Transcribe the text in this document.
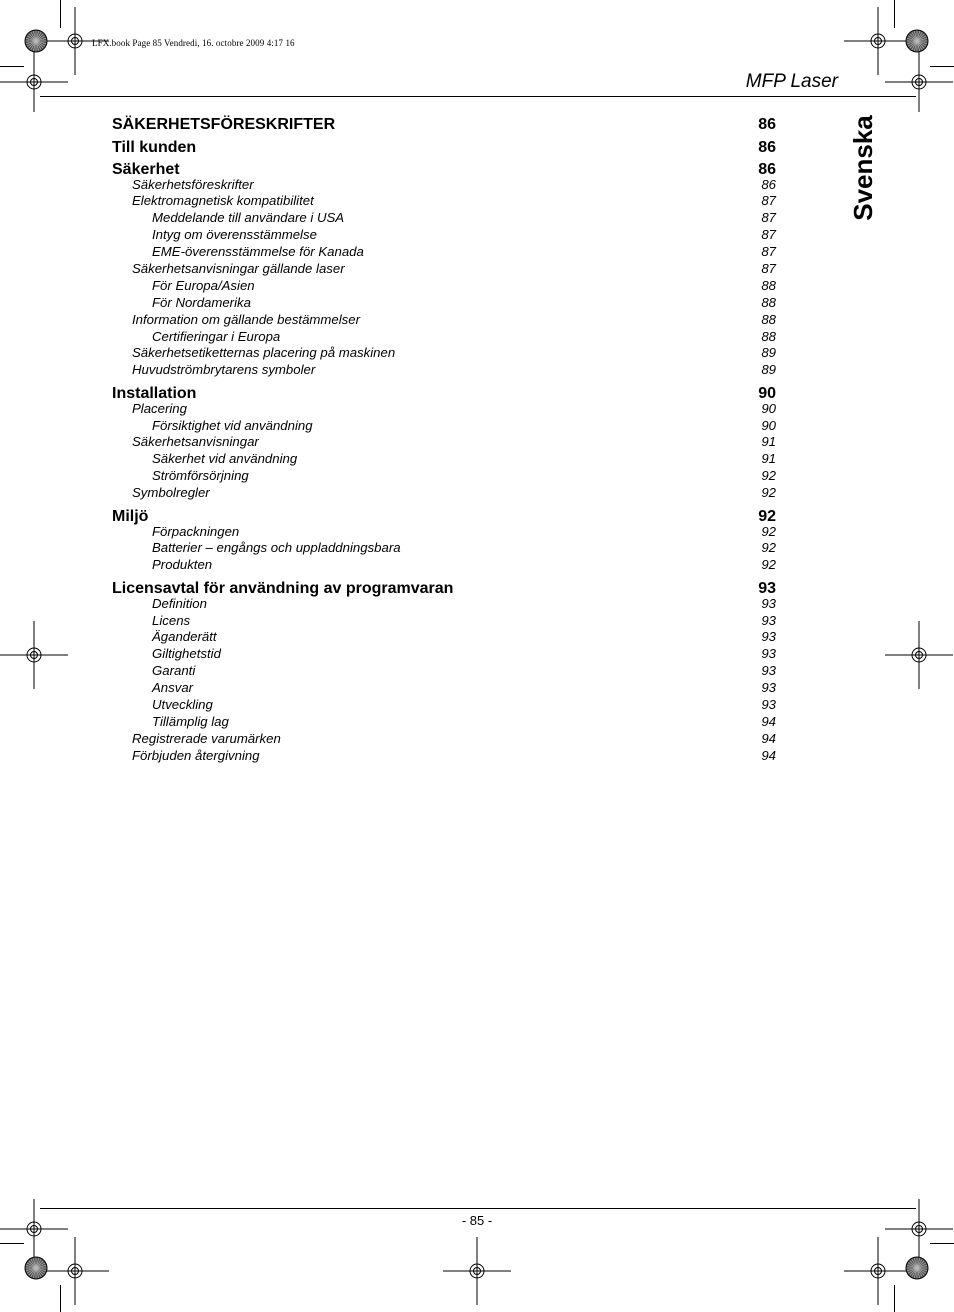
LFX.book Page 85 Vendredi, 16. octobre 2009 4:17 16
MFP Laser
Svenska
SÄKERHETSFÖRESKRIFTER	86
Till kunden	86
Säkerhet	86
Säkerhetsföreskrifter	86
Elektromagnetisk kompatibilitet	87
Meddelande till användare i USA	87
Intyg om överensstämmelse	87
EME-överensstämmelse för Kanada	87
Säkerhetsanvisningar gällande laser	87
För Europa/Asien	88
För Nordamerika	88
Information om gällande bestämmelser	88
Certifieringar i Europa	88
Säkerhetsetiketternas placering på maskinen	89
Huvudströmbrytarens symboler	89
Installation	90
Placering	90
Försiktighet vid användning	90
Säkerhetsanvisningar	91
Säkerhet vid användning	91
Strömförsörjning	92
Symbolregler	92
Miljö	92
Förpackningen	92
Batterier – engångs och uppladdningsbara	92
Produkten	92
Licensavtal för användning av programvaran	93
Definition	93
Licens	93
Äganderätt	93
Giltighetstid	93
Garanti	93
Ansvar	93
Utveckling	93
Tillämplig lag	94
Registrerade varumärken	94
Förbjuden återgivning	94
- 85 -
